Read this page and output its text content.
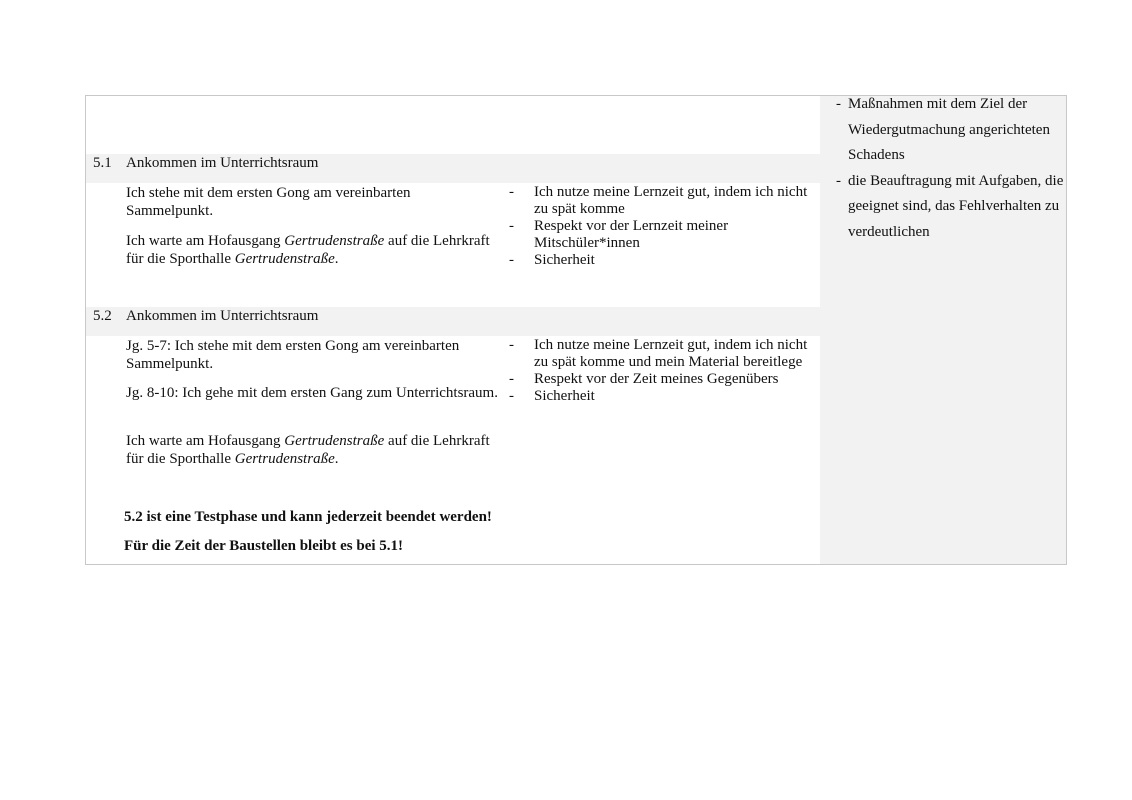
- Maßnahmen mit dem Ziel der Wiedergutmachung angerichteten Schadens
- die Beauftragung mit Aufgaben, die geeignet sind, das Fehlverhalten zu verdeutlichen
5.1 Ankommen im Unterrichtsraum
Ich stehe mit dem ersten Gong am vereinbarten Sammelpunkt.
Ich warte am Hofausgang Gertrudenstraße auf die Lehrkraft für die Sporthalle Gertrudenstraße.
- Ich nutze meine Lernzeit gut, indem ich nicht zu spät komme
- Respekt vor der Lernzeit meiner Mitschüler*innen
- Sicherheit
5.2 Ankommen im Unterrichtsraum
Jg. 5-7: Ich stehe mit dem ersten Gong am vereinbarten Sammelpunkt.
Jg. 8-10: Ich gehe mit dem ersten Gang zum Unterrichtsraum.
Ich warte am Hofausgang Gertrudenstraße auf die Lehrkraft für die Sporthalle Gertrudenstraße.
- Ich nutze meine Lernzeit gut, indem ich nicht zu spät komme und mein Material bereitlege
- Respekt vor der Zeit meines Gegenübers
- Sicherheit
5.2 ist eine Testphase und kann jederzeit beendet werden!
Für die Zeit der Baustellen bleibt es bei 5.1!
